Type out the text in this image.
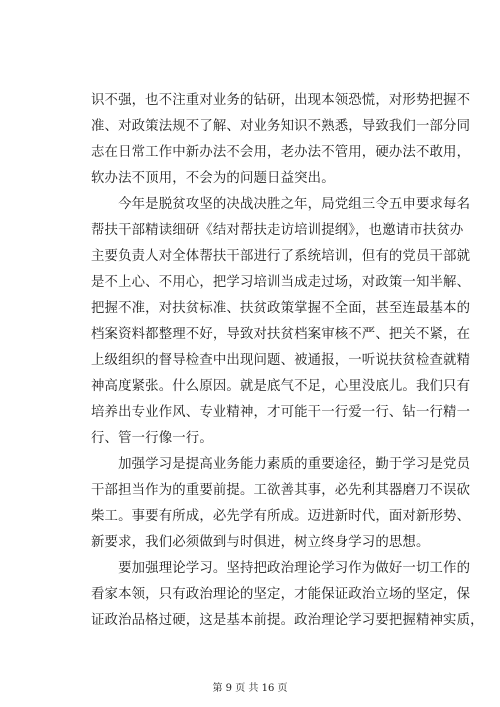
识不强，也不注重对业务的钻研，出现本领恐慌，对形势把握不
准、对政策法规不了解、对业务知识不熟悉，导致我们一部分同
志在日常工作中新办法不会用，老办法不管用，硬办法不敢用，
软办法不顶用，不会为的问题日益突出。
　　今年是脱贫攻坚的决战决胜之年，局党组三令五申要求每名
帮扶干部精读细研《结对帮扶走访培训提纲》，也邀请市扶贫办
主要负责人对全体帮扶干部进行了系统培训，但有的党员干部就
是不上心、不用心，把学习培训当成走过场，对政策一知半解、
把握不准，对扶贫标准、扶贫政策掌握不全面，甚至连最基本的
档案资料都整理不好，导致对扶贫档案审核不严、把关不紧，在
上级组织的督导检查中出现问题、被通报，一听说扶贫检查就精
神高度紧张。什么原因。就是底气不足，心里没底儿。我们只有
培养出专业作风、专业精神，才可能干一行爱一行、钻一行精一
行、管一行像一行。
　　加强学习是提高业务能力素质的重要途径，勤于学习是党员
干部担当作为的重要前提。工欲善其事，必先利其器磨刀不误砍
柴工。事要有所成，必先学有所成。迈进新时代，面对新形势、
新要求，我们必须做到与时俱进，树立终身学习的思想。
　　要加强理论学习。坚持把政治理论学习作为做好一切工作的
看家本领，只有政治理论的坚定，才能保证政治立场的坚定，保
证政治品格过硬，这是基本前提。政治理论学习要把握精神实质，
第 9 页 共 16 页
